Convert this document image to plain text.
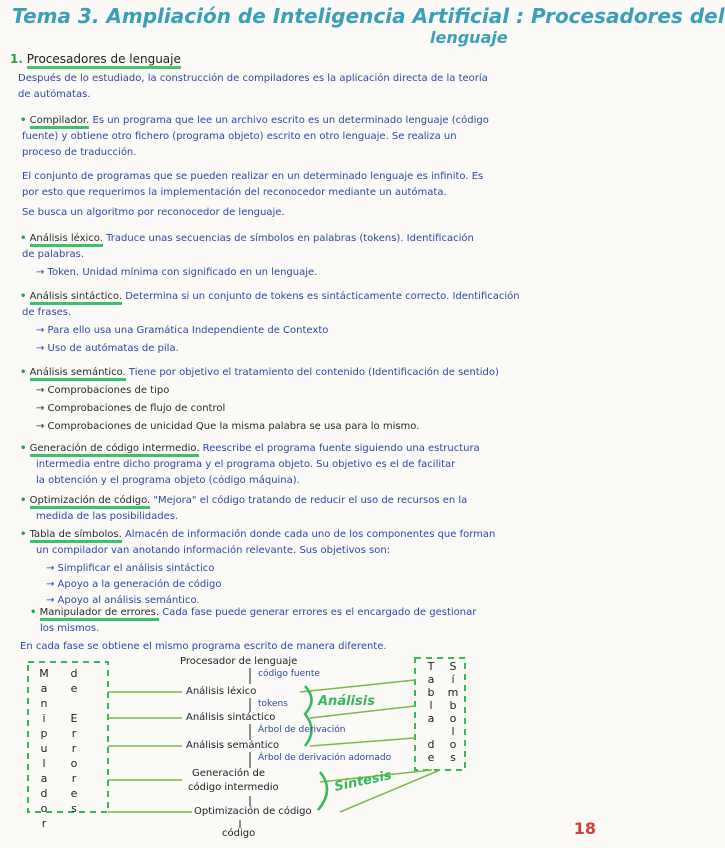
Tema 3. Ampliación de Inteligencia Artificial : Procesadores del
lenguaje
1. Procesadores de lenguaje
Después de lo estudiado, la construcción de compiladores es la aplicación directa de la teoría
de autómatas.
• Compilador. Es un programa que lee un archivo escrito es un determinado lenguaje (código
fuente) y obtiene otro fichero (programa objeto) escrito en otro lenguaje. Se realiza un
proceso de traducción.
El conjunto de programas que se pueden realizar en un determinado lenguaje es infinito. Es
por esto que requerimos la implementación del reconocedor mediante un autómata.
Se busca un algoritmo por reconocedor de lenguaje.
• Análisis léxico. Traduce unas secuencias de símbolos en palabras (tokens). Identificación
de palabras.
→ Token. Unidad mínima con significado en un lenguaje.
• Análisis sintáctico. Determina si un conjunto de tokens es sintácticamente correcto. Identificación
de frases.
→ Para ello usa una Gramática Independiente de Contexto
→ Uso de autómatas de pila.
• Análisis semántico. Tiene por objetivo el tratamiento del contenido (Identificación de sentido)
→ Comprobaciones de tipo
→ Comprobaciones de flujo de control
→ Comprobaciones de unicidad Que la misma palabra se usa para lo mismo.
• Generación de código intermedio. Reescribe el programa fuente siguiendo una estructura
intermedia entre dicho programa y el programa objeto. Su objetivo es el de facilitar
la obtención y el programa objeto (código máquina).
• Optimización de código. "Mejora" el código tratando de reducir el uso de recursos en la
medida de las posibilidades.
• Tabla de símbolos. Almacén de información donde cada uno de los componentes que forman
un compilador van anotando información relevante. Sus objetivos son:
→ Simplificar el análisis sintáctico
→ Apoyo a la generación de código
→ Apoyo al análisis semántico.
• Manipulador de errores. Cada fase puede generar errores es el encargado de gestionar
los mismos.
En cada fase se obtiene el mismo programa escrito de manera diferente.
M
a
n
i
p
u
l
a
d
o
r
d
e
E
r
r
o
r
e
s
T
a
b
l
a
d
e
S
í
m
b
o
l
o
s
Procesador de lenguaje
código fuente
Análisis léxico
tokens
Análisis sintáctico
Árbol de derivación
Análisis semántico
Árbol de derivación adornado
Generación de
código intermedio
Optimización de código
código
Análisis
Síntesis
18
